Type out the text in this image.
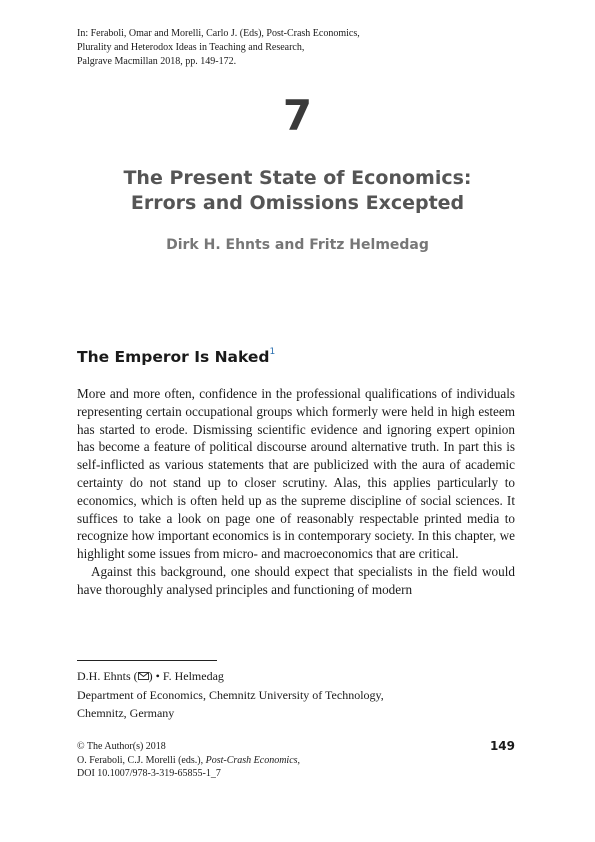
In: Feraboli, Omar and Morelli, Carlo J. (Eds), Post-Crash Economics,
Plurality and Heterodox Ideas in Teaching and Research,
Palgrave Macmillan 2018, pp. 149-172.
7
The Present State of Economics:
Errors and Omissions Excepted
Dirk H. Ehnts and Fritz Helmedag
The Emperor Is Naked$^1$

More and more often, confidence in the professional qualifications of individuals representing certain occupational groups which formerly were held in high esteem has started to erode. Dismissing scientific evidence and ignoring expert opinion has become a feature of political discourse around alternative truth. In part this is self-inflicted as various statements that are publicized with the aura of academic certainty do not stand up to closer scrutiny. Alas, this applies particularly to economics, which is often held up as the supreme discipline of social sciences. It suffices to take a look on page one of reasonably respectable printed media to recognize how important economics is in contemporary society. In this chapter, we highlight some issues from micro- and macroeconomics that are critical.

Against this background, one should expect that specialists in the field would have thoroughly analysed principles and functioning of modern

D.H. Ehnts ( ) • F. Helmedag
Department of Economics, Chemnitz University of Technology,
Chemnitz, Germany
© The Author(s) 2018
O. Feraboli, C.J. Morelli (eds.), Post-Crash Economics,
DOI 10.1007/978-3-319-65855-1_7
149
